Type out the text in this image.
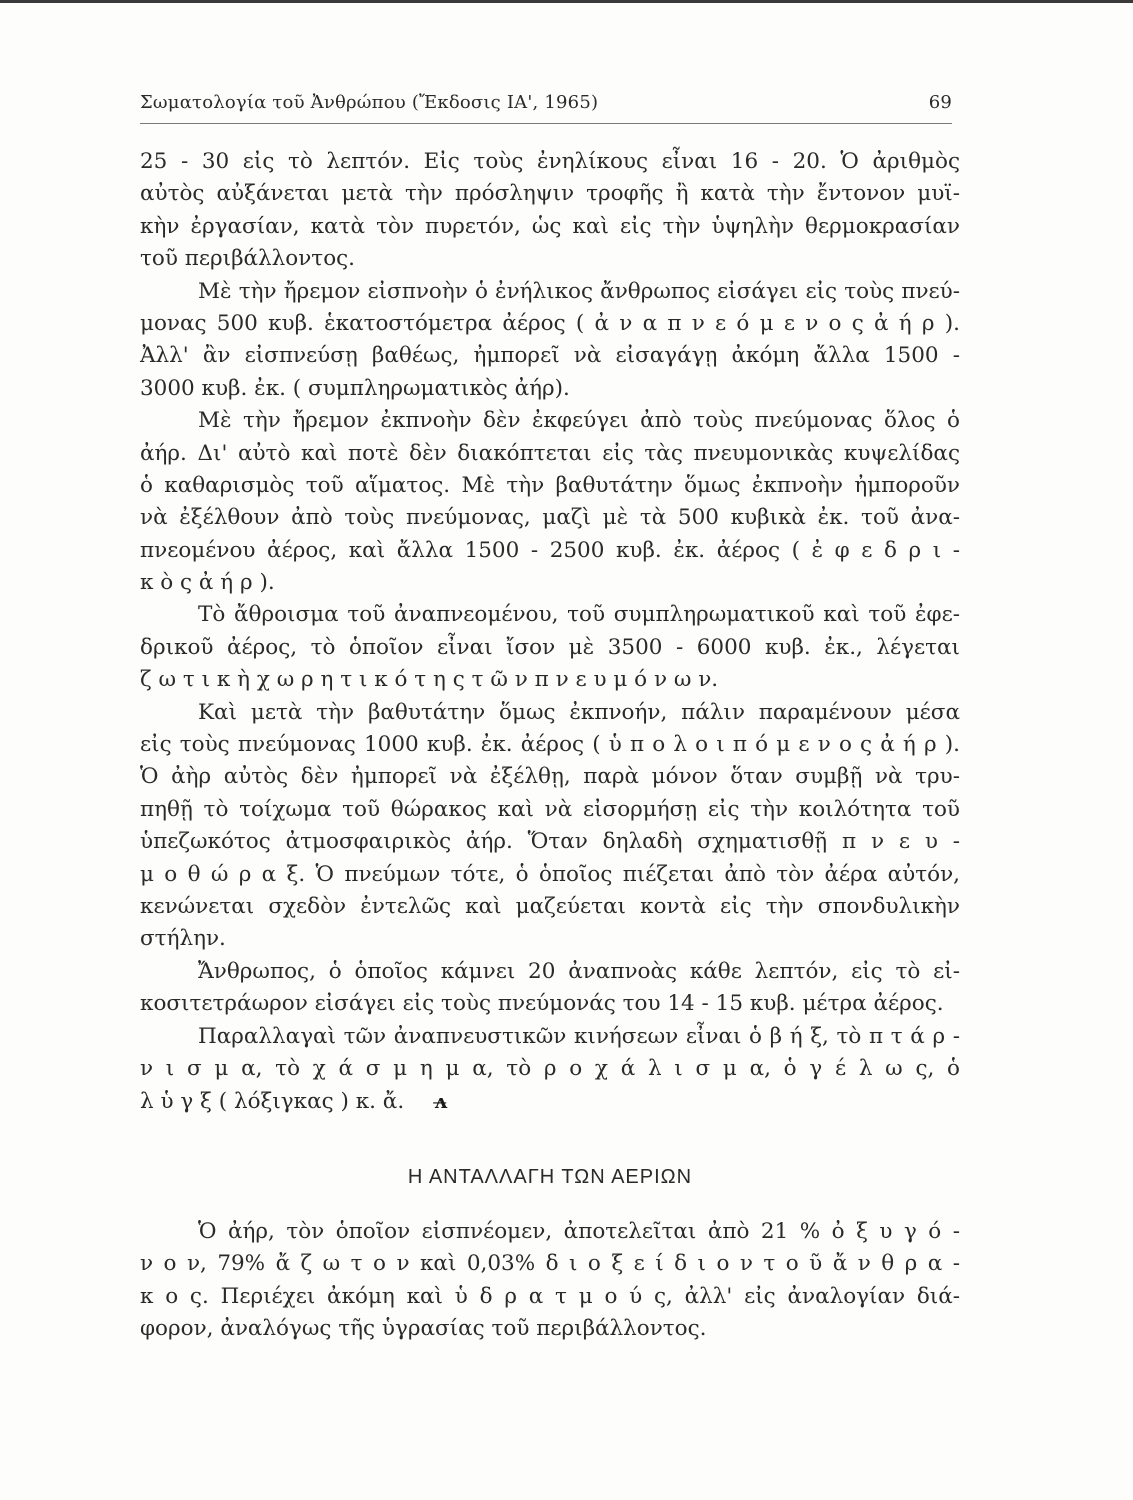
Σωματολογία τοῦ Ἀνθρώπου (Ἔκδοσις ΙΑ', 1965)	69
25 - 30 εἰς τὸ λεπτόν. Εἰς τοὺς ἐνηλίκους εἶναι 16 - 20. Ὁ ἀριθμὸς
αὐτὸς αὐξάνεται μετὰ τὴν πρόσληψιν τροφῆς ἢ κατὰ τὴν ἔντονον μυϊ-
κὴν ἐργασίαν, κατὰ τὸν πυρετόν, ὡς καὶ εἰς τὴν ὑψηλὴν θερμοκρασίαν
τοῦ περιβάλλοντος.
Μὲ τὴν ἤρεμον εἰσπνοὴν ὁ ἐνήλικος ἄνθρωπος εἰσάγει εἰς τοὺς πνεύ-
μονας 500 κυβ. ἑκατοστόμετρα ἀέρος ( ἀ ν α π ν ε ό μ ε ν ο ς ἀ ή ρ ).
Ἀλλ' ἂν εἰσπνεύσῃ βαθέως, ἠμπορεῖ νὰ εἰσαγάγῃ ἀκόμη ἄλλα 1500 -
3000 κυβ. ἐκ. ( συμπληρωματικὸς ἀήρ).
Μὲ τὴν ἤρεμον ἐκπνοὴν δὲν ἐκφεύγει ἀπὸ τοὺς πνεύμονας ὅλος ὁ
ἀήρ. Δι' αὐτὸ καὶ ποτὲ δὲν διακόπτεται εἰς τὰς πνευμονικὰς κυψελίδας
ὁ καθαρισμὸς τοῦ αἵματος. Μὲ τὴν βαθυτάτην ὅμως ἐκπνοὴν ἠμποροῦν
νὰ ἐξέλθουν ἀπὸ τοὺς πνεύμονας, μαζὶ μὲ τὰ 500 κυβικὰ ἐκ. τοῦ ἀνα-
πνεομένου ἀέρος, καὶ ἄλλα 1500 - 2500 κυβ. ἐκ. ἀέρος ( ἐ φ ε δ ρ ι -
κ ὸ ς ἀ ή ρ ).
Τὸ ἄθροισμα τοῦ ἀναπνεομένου, τοῦ συμπληρωματικοῦ καὶ τοῦ ἐφε-
δρικοῦ ἀέρος, τὸ ὁποῖον εἶναι ἴσον μὲ 3500 - 6000 κυβ. ἐκ., λέγεται
ζ ω τ ι κ ὴ χ ω ρ η τ ι κ ό τ η ς τ ῶ ν π ν ε υ μ ό ν ω ν.
Καὶ μετὰ τὴν βαθυτάτην ὅμως ἐκπνοήν, πάλιν παραμένουν μέσα
εἰς τοὺς πνεύμονας 1000 κυβ. ἐκ. ἀέρος ( ὑ π ο λ ο ι π ό μ ε ν ο ς ἀ ή ρ ).
Ὁ ἀὴρ αὐτὸς δὲν ἠμπορεῖ νὰ ἐξέλθῃ, παρὰ μόνον ὅταν συμβῇ νὰ τρυ-
πηθῇ τὸ τοίχωμα τοῦ θώρακος καὶ νὰ εἰσορμήσῃ εἰς τὴν κοιλότητα τοῦ
ὑπεζωκότος ἀτμοσφαιρικὸς ἀήρ. Ὅταν δηλαδὴ σχηματισθῇ π ν ε υ -
μ ο θ ώ ρ α ξ. Ὁ πνεύμων τότε, ὁ ὁποῖος πιέζεται ἀπὸ τὸν ἀέρα αὐτόν,
κενώνεται σχεδὸν ἐντελῶς καὶ μαζεύεται κοντὰ εἰς τὴν σπονδυλικὴν
στήλην.
Ἄνθρωπος, ὁ ὁποῖος κάμνει 20 ἀναπνοὰς κάθε λεπτόν, εἰς τὸ εἰ-
κοσιτετράωρον εἰσάγει εἰς τοὺς πνεύμονάς του 14 - 15 κυβ. μέτρα ἀέρος.
Παραλλαγαὶ τῶν ἀναπνευστικῶν κινήσεων εἶναι ὁ β ή ξ, τὸ π τ ά ρ -
ν ι σ μ α, τὸ χ ά σ μ η μ α, τὸ ρ ο χ ά λ ι σ μ α, ὁ γ έ λ ω ς, ὁ
λ ὑ γ ξ ( λόξιγκας ) κ. ἄ. ᴧ̶
Η ΑΝΤΑΛΛΑΓΗ ΤΩΝ ΑΕΡΙΩΝ
Ὁ ἀήρ, τὸν ὁποῖον εἰσπνέομεν, ἀποτελεῖται ἀπὸ 21 % ὀ ξ υ γ ό -
ν ο ν, 79% ἄ ζ ω τ ο ν καὶ 0,03% δ ι ο ξ ε ί δ ι ο ν τ ο ῦ ἄ ν θ ρ α -
κ ο ς. Περιέχει ἀκόμη καὶ ὑ δ ρ α τ μ ο ύ ς, ἀλλ' εἰς ἀναλογίαν διά-
φορον, ἀναλόγως τῆς ὑγρασίας τοῦ περιβάλλοντος.
